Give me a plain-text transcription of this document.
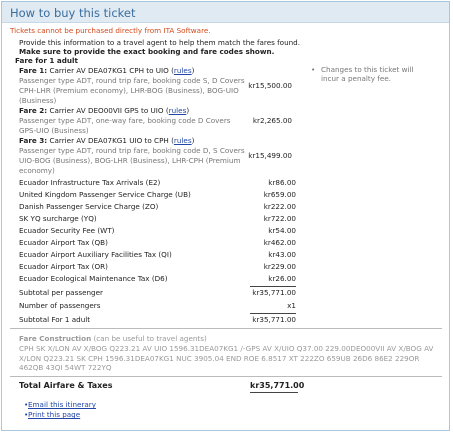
How to buy this ticket
Tickets cannot be purchased directly from ITA Software.
Provide this information to a travel agent to help them match the fares found.
Make sure to provide the exact booking and fare codes shown.
Fare for 1 adult
Fare 1: Carrier AV DEA07KG1 CPH to UIO (rules)
Passenger type ADT, round trip fare, booking code S, D Covers CPH-LHR (Premium economy), LHR-BOG (Business), BOG-UIO (Business)
kr15,500.00
Fare 2: Carrier AV DEO00VII GPS to UIO (rules)
Passenger type ADT, one-way fare, booking code D Covers GPS-UIO (Business)
kr2,265.00
Fare 3: Carrier AV DEA07KG1 UIO to CPH (rules)
Passenger type ADT, round trip fare, booking code D, S Covers UIO-BOG (Business), BOG-LHR (Business), LHR-CPH (Premium economy)
kr15,499.00
• Changes to this ticket will incur a penalty fee.
Ecuador Infrastructure Tax Arrivals (E2)	kr86.00
United Kingdom Passenger Service Charge (UB)	kr659.00
Danish Passenger Service Charge (ZO)	kr222.00
SK YQ surcharge (YQ)	kr722.00
Ecuador Security Fee (WT)	kr54.00
Ecuador Airport Tax (QB)	kr462.00
Ecuador Airport Auxiliary Facilities Tax (QI)	kr43.00
Ecuador Airport Tax (OR)	kr229.00
Ecuador Ecological Maintenance Tax (D6)	kr26.00
Subtotal per passenger	kr35,771.00
Number of passengers	x1
Subtotal For 1 adult	kr35,771.00
Fare Construction (can be useful to travel agents)
CPH SK X/LON AV X/BOG Q223.21 AV UIO 1596.31DEA07KG1 /-GPS AV X/UIO Q37.00 229.00DEO00VII AV X/BOG AV X/LON Q223.21 SK CPH 1596.31DEA07KG1 NUC 3905.04 END ROE 6.8517 XT 222ZO 659UB 26D6 86E2 229OR 462QB 43QI 54WT 722YQ
Total Airfare & Taxes	kr35,771.00
• Email this itinerary
• Print this page
